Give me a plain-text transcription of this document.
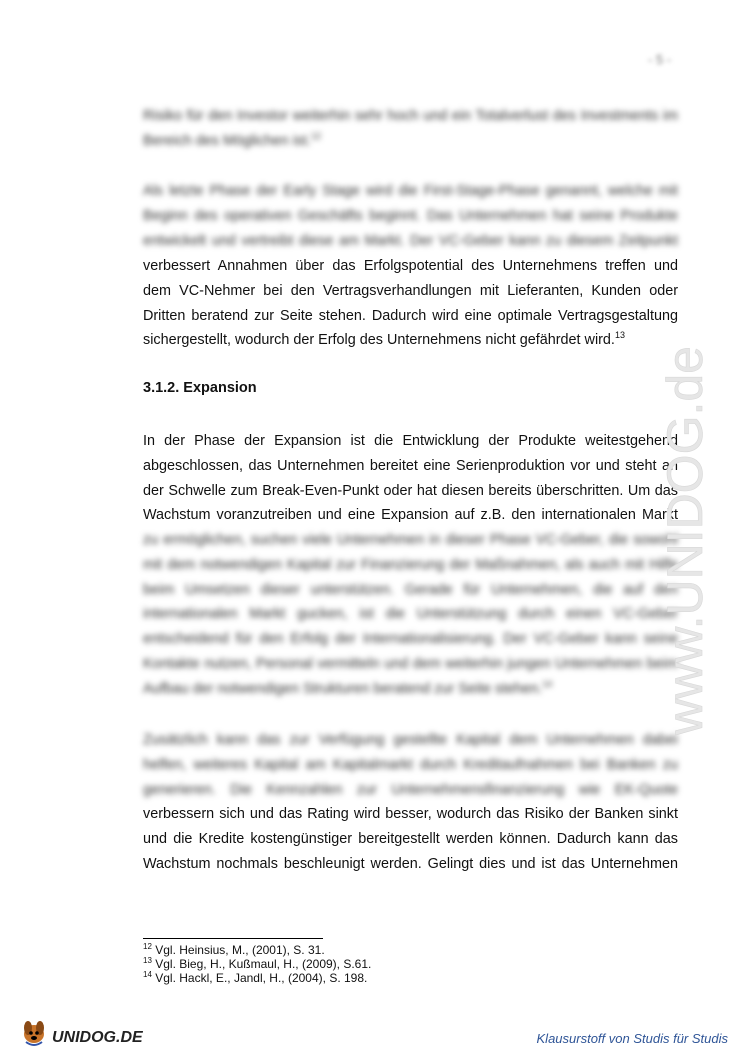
- 5 -
Risiko für den Investor weiterhin sehr hoch und ein Totalverlust des Investments im
Bereich des Möglichen ist.$^{12}$
Als letzte Phase der Early Stage wird die First-Stage-Phase genannt, welche mit
Beginn des operativen Geschäfts beginnt. Das Unternehmen hat seine Produkte
entwickelt und vertreibt diese am Markt. Der VC-Geber kann zu diesem Zeitpunkt
verbessert Annahmen über das Erfolgspotential des Unternehmens treffen und
dem VC-Nehmer bei den Vertragsverhandlungen mit Lieferanten, Kunden oder
Dritten beratend zur Seite stehen. Dadurch wird eine optimale Vertragsgestaltung
sichergestellt, wodurch der Erfolg des Unternehmens nicht gefährdet wird.$^{13}$
3.1.2. Expansion
In der Phase der Expansion ist die Entwicklung der Produkte weitestgehend
abgeschlossen, das Unternehmen bereitet eine Serienproduktion vor und steht an
der Schwelle zum Break-Even-Punkt oder hat diesen bereits überschritten. Um das
Wachstum voranzutreiben und eine Expansion auf z.B. den internationalen Markt
zu ermöglichen, suchen viele Unternehmen in dieser Phase VC-Geber, die sowohl
mit dem notwendigen Kapital zur Finanzierung der Maßnahmen, als auch mit Hilfe
beim Umsetzen dieser unterstützen. Gerade für Unternehmen, die auf den
internationalen Markt gucken, ist die Unterstützung durch einen VC-Geber
entscheidend für den Erfolg der Internationalisierung. Der VC-Geber kann seine
Kontakte nutzen, Personal vermitteln und dem weiterhin jungen Unternehmen beim
Aufbau der notwendigen Strukturen beratend zur Seite stehen.$^{14}$
Zusätzlich kann das zur Verfügung gestellte Kapital dem Unternehmen dabei
helfen, weiteres Kapital am Kapitalmarkt durch Kreditaufnahmen bei Banken zu
generieren. Die Kennzahlen zur Unternehmensfinanzierung wie EK-Quote
verbessern sich und das Rating wird besser, wodurch das Risiko der Banken sinkt
und die Kredite kostengünstiger bereitgestellt werden können. Dadurch kann das
Wachstum nochmals beschleunigt werden. Gelingt dies und ist das Unternehmen
$^{12}$ Vgl. Heinsius, M., (2001), S. 31.
$^{13}$ Vgl. Bieg, H., Kußmaul, H., (2009), S.61.
$^{14}$ Vgl. Hackl, E., Jandl, H., (2004), S. 198.
www.UNIDOG.de
UNIDOG.DE	Klausurstoff von Studis für Studis
